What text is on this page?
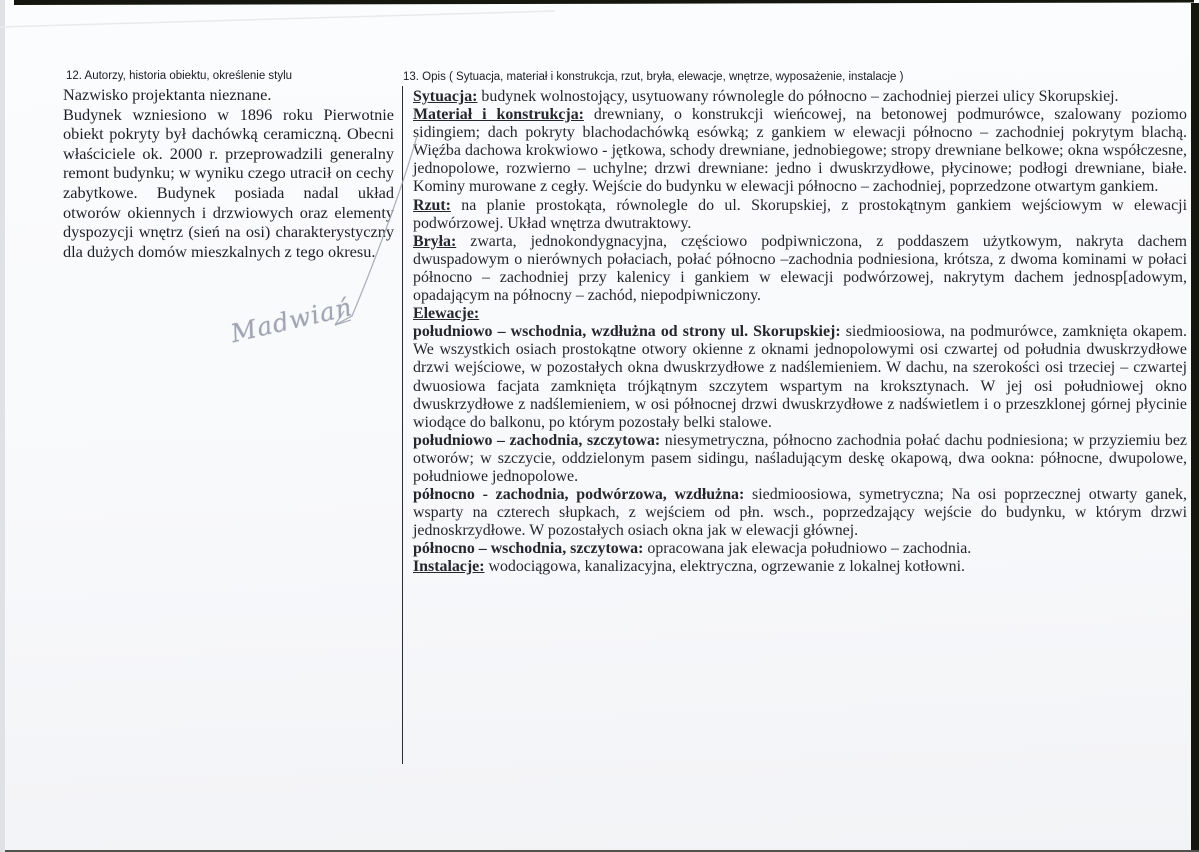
12. Autorzy, historia obiektu, określenie stylu

Nazwisko projektanta nieznane.

Budynek wzniesiono w 1896 roku Pierwotnie obiekt pokryty był dachówką ceramiczną. Obecni właściciele ok. 2000 r. przeprowadzili generalny remont budynku; w wyniku czego utracił on cechy zabytkowe. Budynek posiada nadal układ otworów okiennych i drzwiowych oraz elementy dyspozycji wnętrz (sień na osi) charakterystyczny dla dużych domów mieszkalnych z tego okresu.

13. Opis ( Sytuacja, materiał i konstrukcja, rzut, bryła, elewacje, wnętrze, wyposażenie, instalacje )

Sytuacja: budynek wolnostojący, usytuowany równolegle do północno – zachodniej pierzei ulicy Skorupskiej.

Materiał i konstrukcja: drewniany, o konstrukcji wieńcowej, na betonowej podmurówce, szalowany poziomo sidingiem; dach pokryty blachodachówką esówką; z gankiem w elewacji północno – zachodniej pokrytym blachą. Więźba dachowa krokwiowo - jętkowa, schody drewniane, jednobiegowe; stropy drewniane belkowe; okna współczesne, jednopolowe, rozwierno – uchylne; drzwi drewniane: jedno i dwuskrzydłowe, płycinowe; podłogi drewniane, białe. Kominy murowane z cegły. Wejście do budynku w elewacji północno – zachodniej, poprzedzone otwartym gankiem.

Rzut: na planie prostokąta, równolegle do ul. Skorupskiej, z prostokątnym gankiem wejściowym w elewacji podwórzowej. Układ wnętrza dwutraktowy.

Bryła: zwarta, jednokondygnacyjna, częściowo podpiwniczona, z poddaszem użytkowym, nakryta dachem dwuspadowym o nierównych połaciach, połać północno –zachodnia podniesiona, krótsza, z dwoma kominami w połaci północno – zachodniej przy kalenicy i gankiem w elewacji podwórzowej, nakrytym dachem jednosp[adowym, opadającym na północny – zachód, niepodpiwniczony.

Elewacje:

południowo – wschodnia, wzdłużna od strony ul. Skorupskiej: siedmioosiowa, na podmurówce, zamknięta okapem. We wszystkich osiach prostokątne otwory okienne z oknami jednopolowymi osi czwartej od południa dwuskrzydłowe drzwi wejściowe, w pozostałych okna dwuskrzydłowe z nadślemieniem. W dachu, na szerokości osi trzeciej – czwartej dwuosiowa facjata zamknięta trójkątnym szczytem wspartym na kroksztynach. W jej osi południowej okno dwuskrzydłowe z nadślemieniem, w osi północnej drzwi dwuskrzydłowe z nadświetlem i o przeszklonej górnej płycinie wiodące do balkonu, po którym pozostały belki stalowe.

południowo – zachodnia, szczytowa: niesymetryczna, północno zachodnia połać dachu podniesiona; w przyziemiu bez otworów; w szczycie, oddzielonym pasem sidingu, naśladującym deskę okapową, dwa ookna: północne, dwupolowe, południowe jednopolowe.

północno - zachodnia, podwórzowa, wzdłużna: siedmioosiowa, symetryczna; Na osi poprzecznej otwarty ganek, wsparty na czterech słupkach, z wejściem od płn. wsch., poprzedzający wejście do budynku, w którym drzwi jednoskrzydłowe. W pozostałych osiach okna jak w elewacji głównej.

północno – wschodnia, szczytowa: opracowana jak elewacja południowo – zachodnia.

Instalacje: wodociągowa, kanalizacyjna, elektryczna, ogrzewanie z lokalnej kotłowni.

Madwiań
